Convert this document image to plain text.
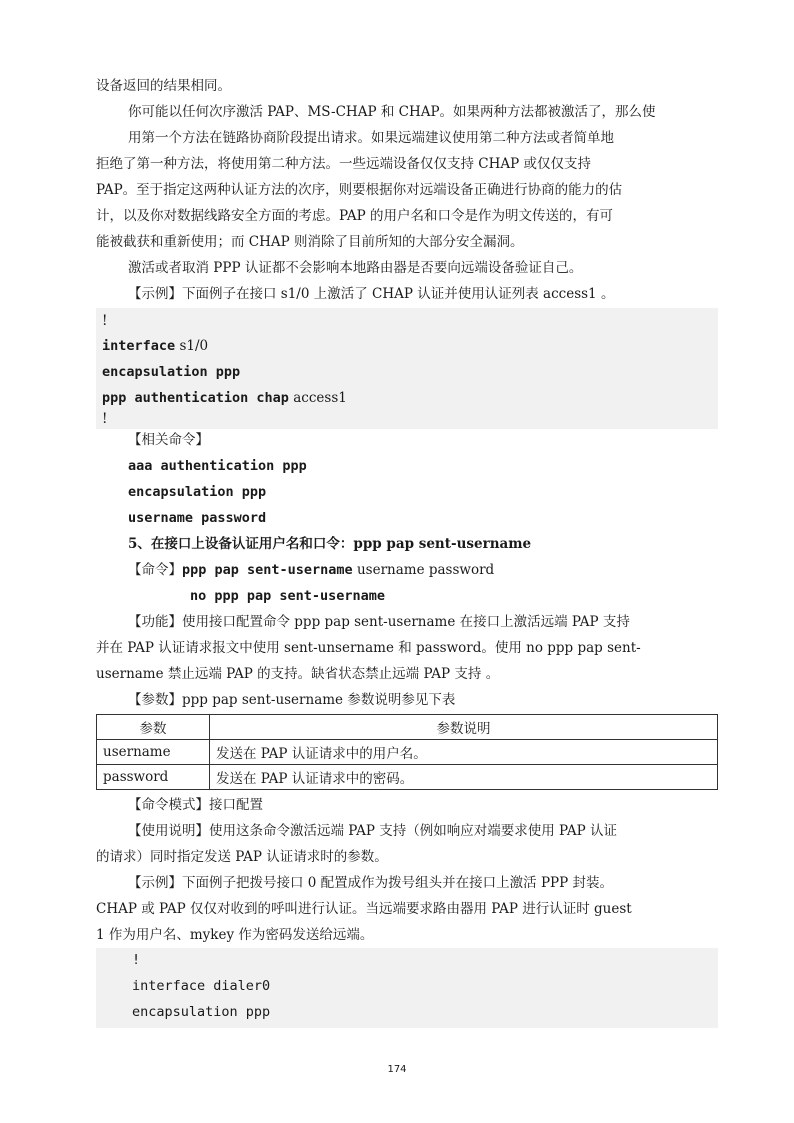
设备返回的结果相同。
你可能以任何次序激活 PAP、MS-CHAP 和 CHAP。如果两种方法都被激活了，那么使
用第一个方法在链路协商阶段提出请求。如果远端建议使用第二种方法或者简单地
拒绝了第一种方法，将使用第二种方法。一些远端设备仅仅支持 CHAP 或仅仅支持
PAP。至于指定这两种认证方法的次序，则要根据你对远端设备正确进行协商的能力的估
计，以及你对数据线路安全方面的考虑。PAP 的用户名和口令是作为明文传送的，有可
能被截获和重新使用；而 CHAP 则消除了目前所知的大部分安全漏洞。
激活或者取消 PPP 认证都不会影响本地路由器是否要向远端设备验证自己。
【示例】下面例子在接口 s1/0 上激活了 CHAP 认证并使用认证列表 access1 。
!
interface s1/0
encapsulation ppp
ppp authentication chap access1
!
【相关命令】
aaa authentication ppp
encapsulation ppp
username password
5、在接口上设备认证用户名和口令：ppp pap sent-username
【命令】ppp pap sent-username username password
no ppp pap sent-username
【功能】使用接口配置命令 ppp pap sent-username 在接口上激活远端 PAP 支持
并在 PAP 认证请求报文中使用 sent-unsername 和 password。使用 no ppp pap sent-
username 禁止远端 PAP 的支持。缺省状态禁止远端 PAP 支持 。
【参数】ppp pap sent-username 参数说明参见下表
参数	参数说明
username	发送在 PAP 认证请求中的用户名。
password	发送在 PAP 认证请求中的密码。
【命令模式】接口配置
【使用说明】使用这条命令激活远端 PAP 支持（例如响应对端要求使用 PAP 认证
的请求）同时指定发送 PAP 认证请求时的参数。
【示例】下面例子把拨号接口 0 配置成作为拨号组头并在接口上激活 PPP 封装。
CHAP 或 PAP 仅仅对收到的呼叫进行认证。当远端要求路由器用 PAP 进行认证时 guest
1 作为用户名、mykey 作为密码发送给远端。
!
interface dialer0
encapsulation ppp
174
